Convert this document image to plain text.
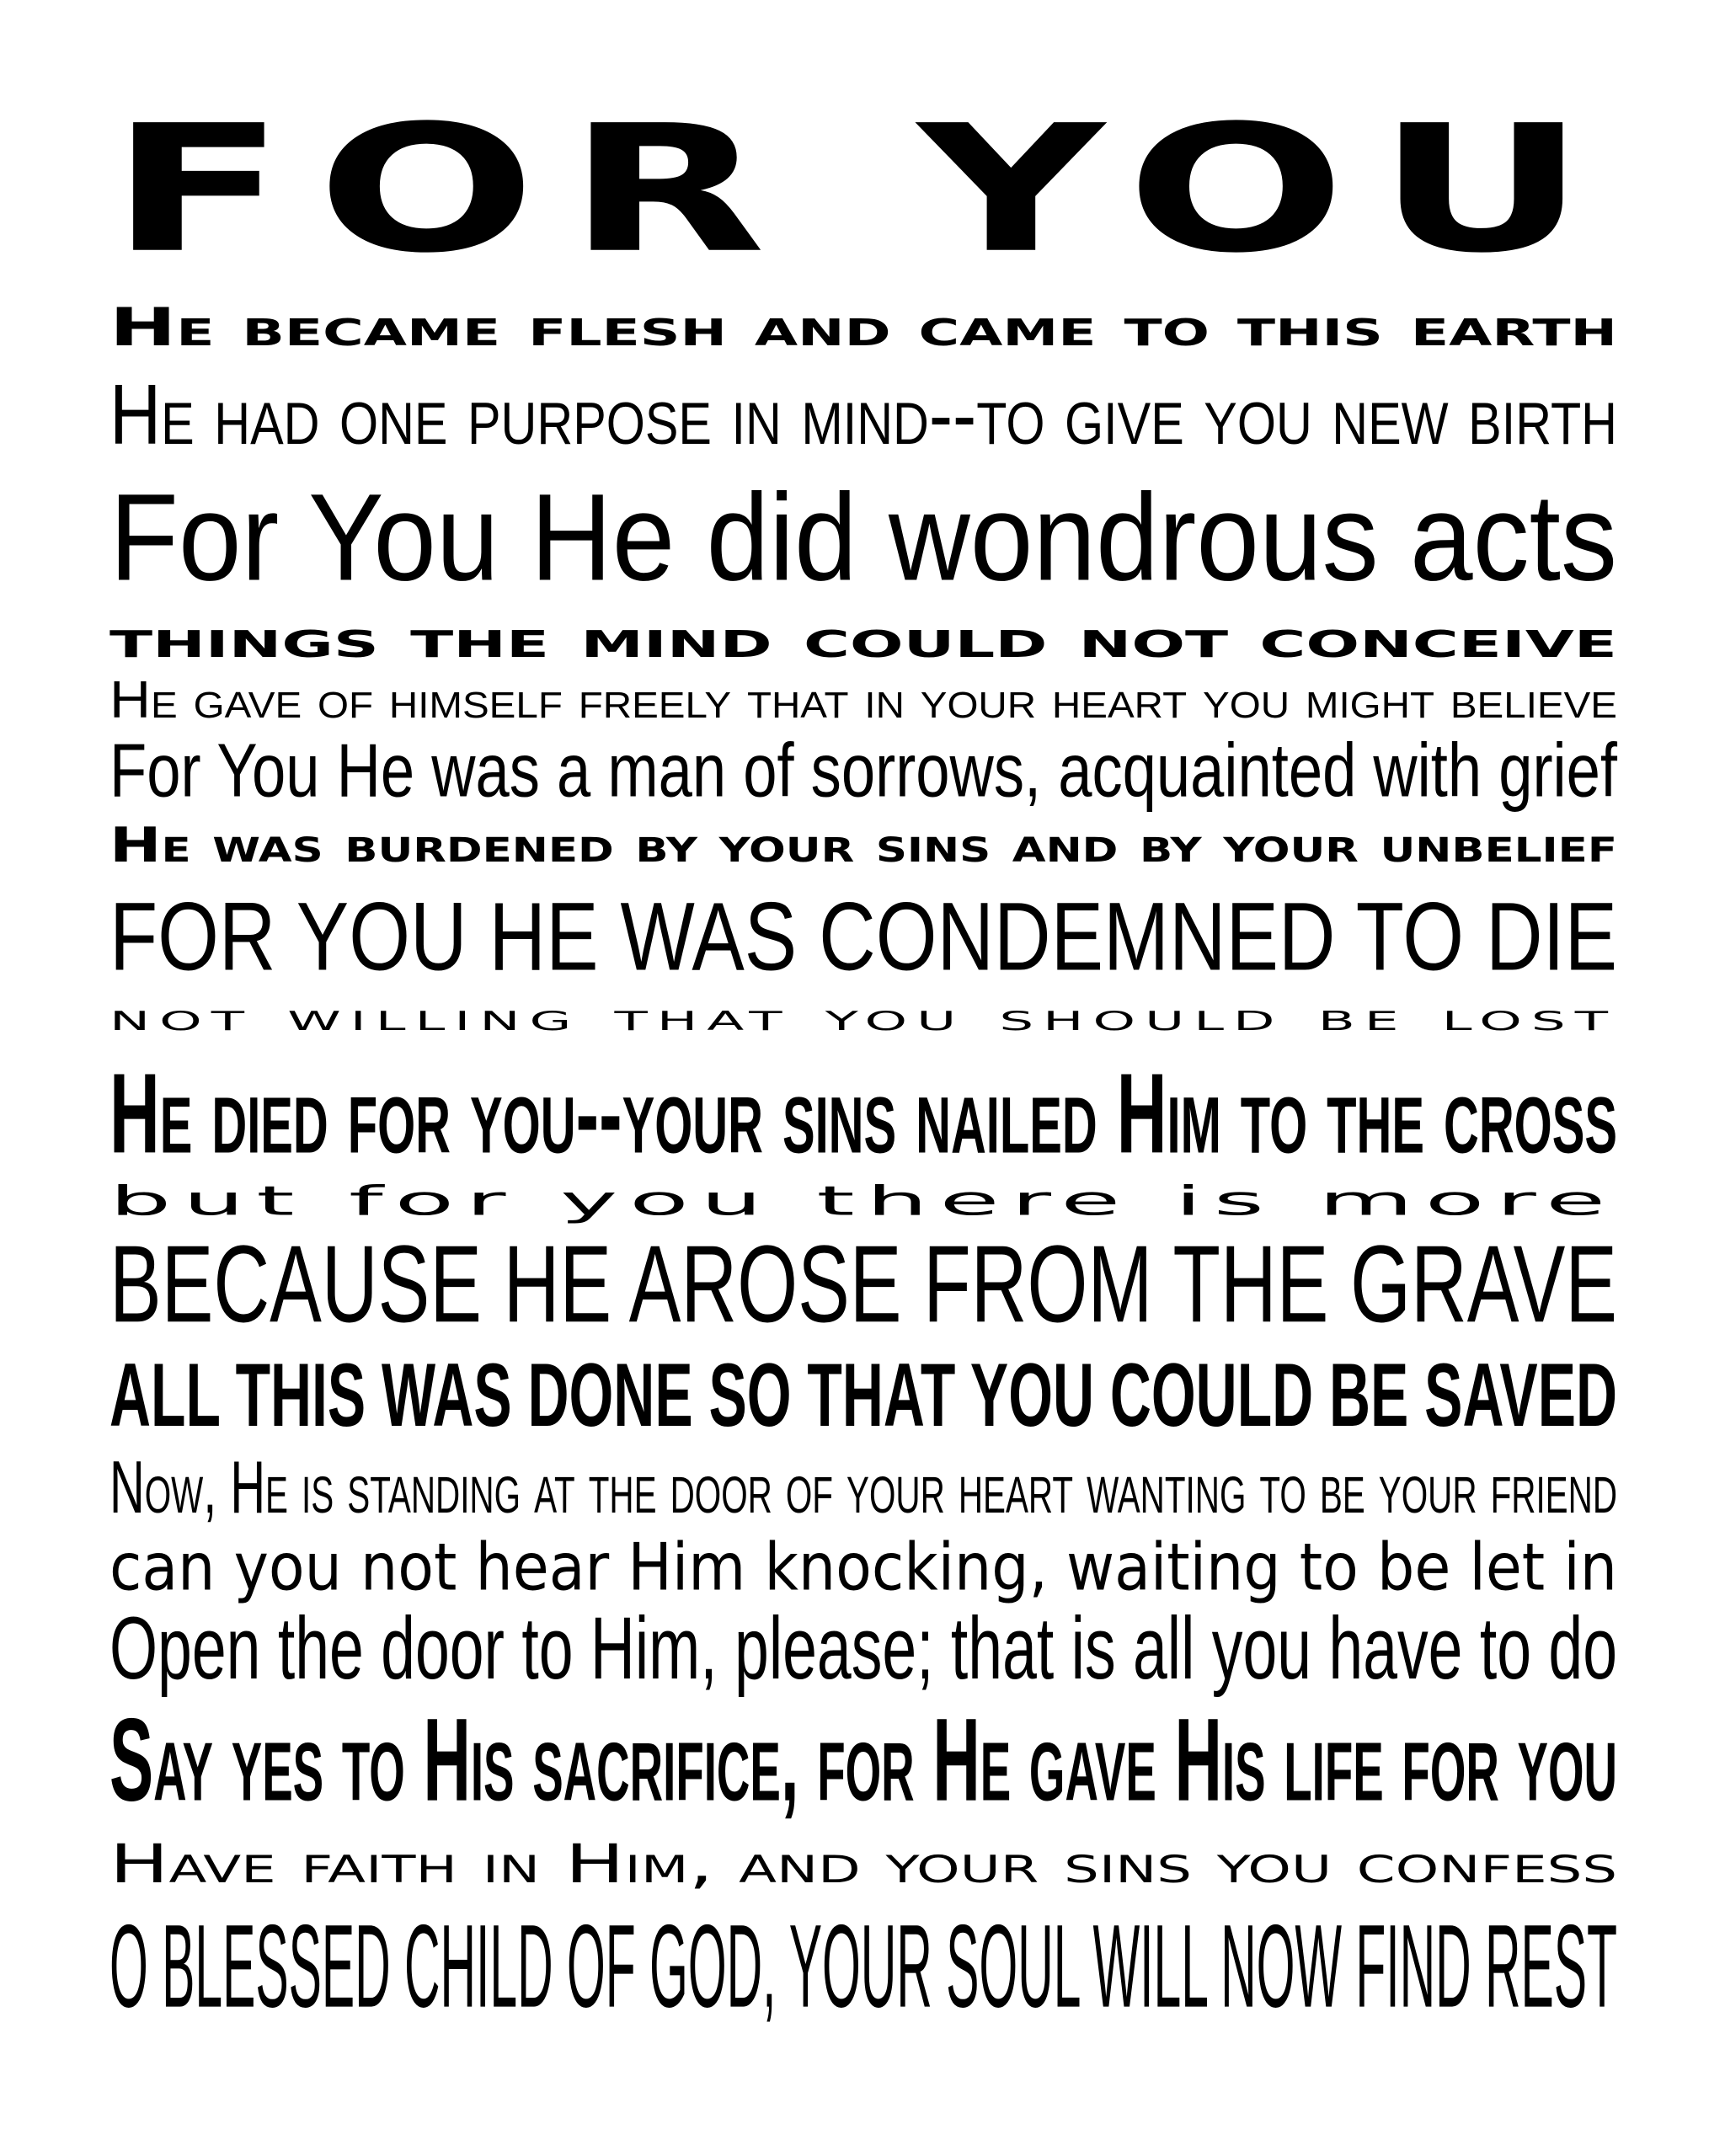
FOR YOU
He became flesh and came to this earth
He had one purpose in mind--to give you new birth
For You He did wondrous acts
things the mind could not conceive
He gave of himself freely that in your heart you might believe
For You He was a man of sorrows, acquainted with grief
He was burdened by your sins and by your unbelief
FOR YOU HE WAS CONDEMNED TO DIE
not willing that you should be lost
He died for you--your sins nailed Him to the cross
but for you there is more
BECAUSE HE AROSE FROM THE GRAVE
ALL THIS WAS DONE SO THAT YOU COULD BE SAVED
Now, He is standing at the door of your heart wanting to be your friend
can you not hear Him knocking, waiting to be let in
Open the door to Him, please; that is all you have to do
Say yes to His sacrifice, for He gave His life for you
Have faith in Him, and your sins you confess
O BLESSED CHILD OF GOD, YOUR SOUL WILL NOW FIND REST
